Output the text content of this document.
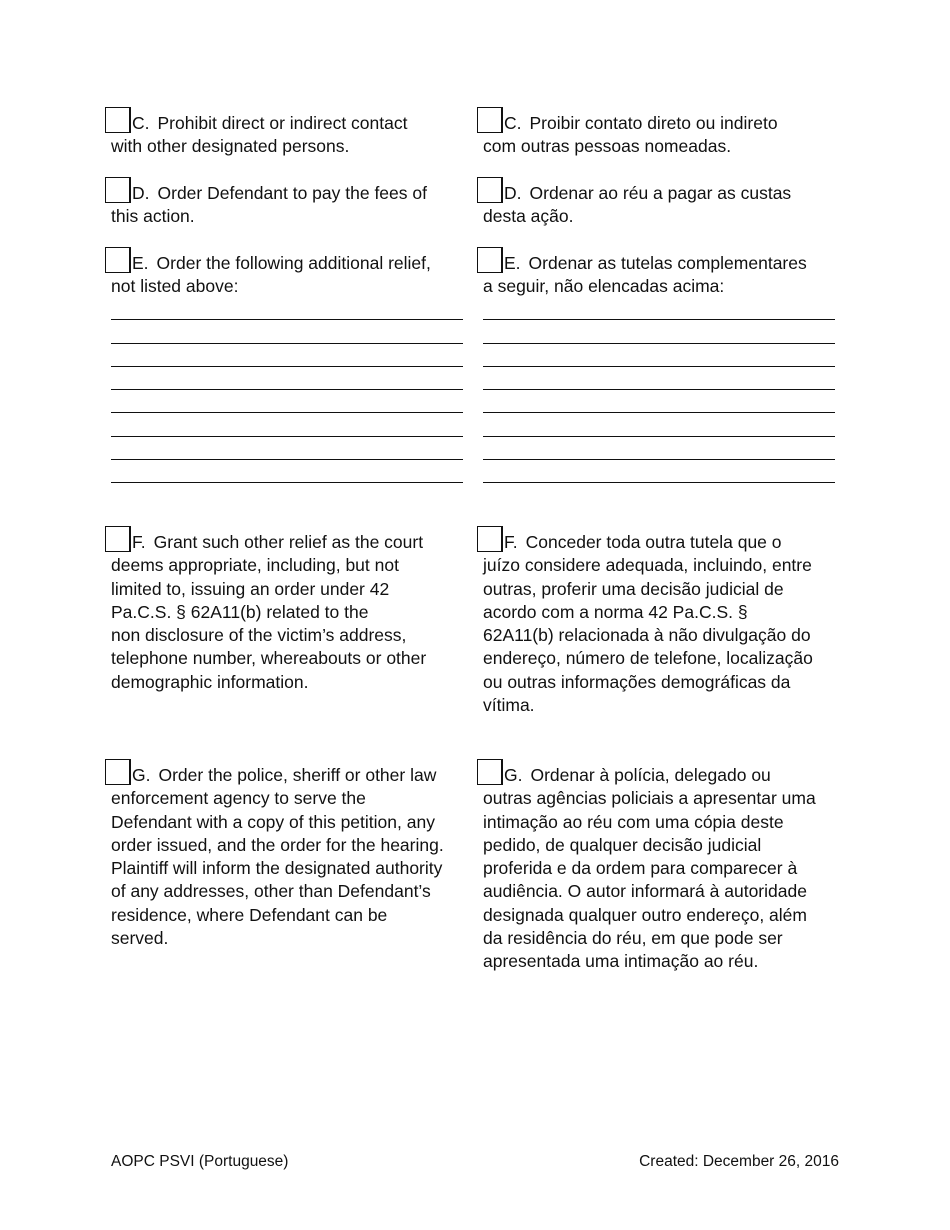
C. Prohibit direct or indirect contact
with other designated persons.
D. Order Defendant to pay the fees of
this action.
E. Order the following additional relief,
not listed above:
F. Grant such other relief as the court
deems appropriate, including, but not
limited to, issuing an order under 42
Pa.C.S. § 62A11(b) related to the
non disclosure of the victim’s address,
telephone number, whereabouts or other
demographic information.
G. Order the police, sheriff or other law
enforcement agency to serve the
Defendant with a copy of this petition, any
order issued, and the order for the hearing.
Plaintiff will inform the designated authority
of any addresses, other than Defendant’s
residence, where Defendant can be
served.
C. Proibir contato direto ou indireto
com outras pessoas nomeadas.
D. Ordenar ao réu a pagar as custas
desta ação.
E. Ordenar as tutelas complementares
a seguir, não elencadas acima:
F. Conceder toda outra tutela que o
juízo considere adequada, incluindo, entre
outras, proferir uma decisão judicial de
acordo com a norma 42 Pa.C.S. §
62A11(b) relacionada à não divulgação do
endereço, número de telefone, localização
ou outras informações demográficas da
vítima.
G. Ordenar à polícia, delegado ou
outras agências policiais a apresentar uma
intimação ao réu com uma cópia deste
pedido, de qualquer decisão judicial
proferida e da ordem para comparecer à
audiência. O autor informará à autoridade
designada qualquer outro endereço, além
da residência do réu, em que pode ser
apresentada uma intimação ao réu.
AOPC PSVI (Portuguese)	Created: December 26, 2016
